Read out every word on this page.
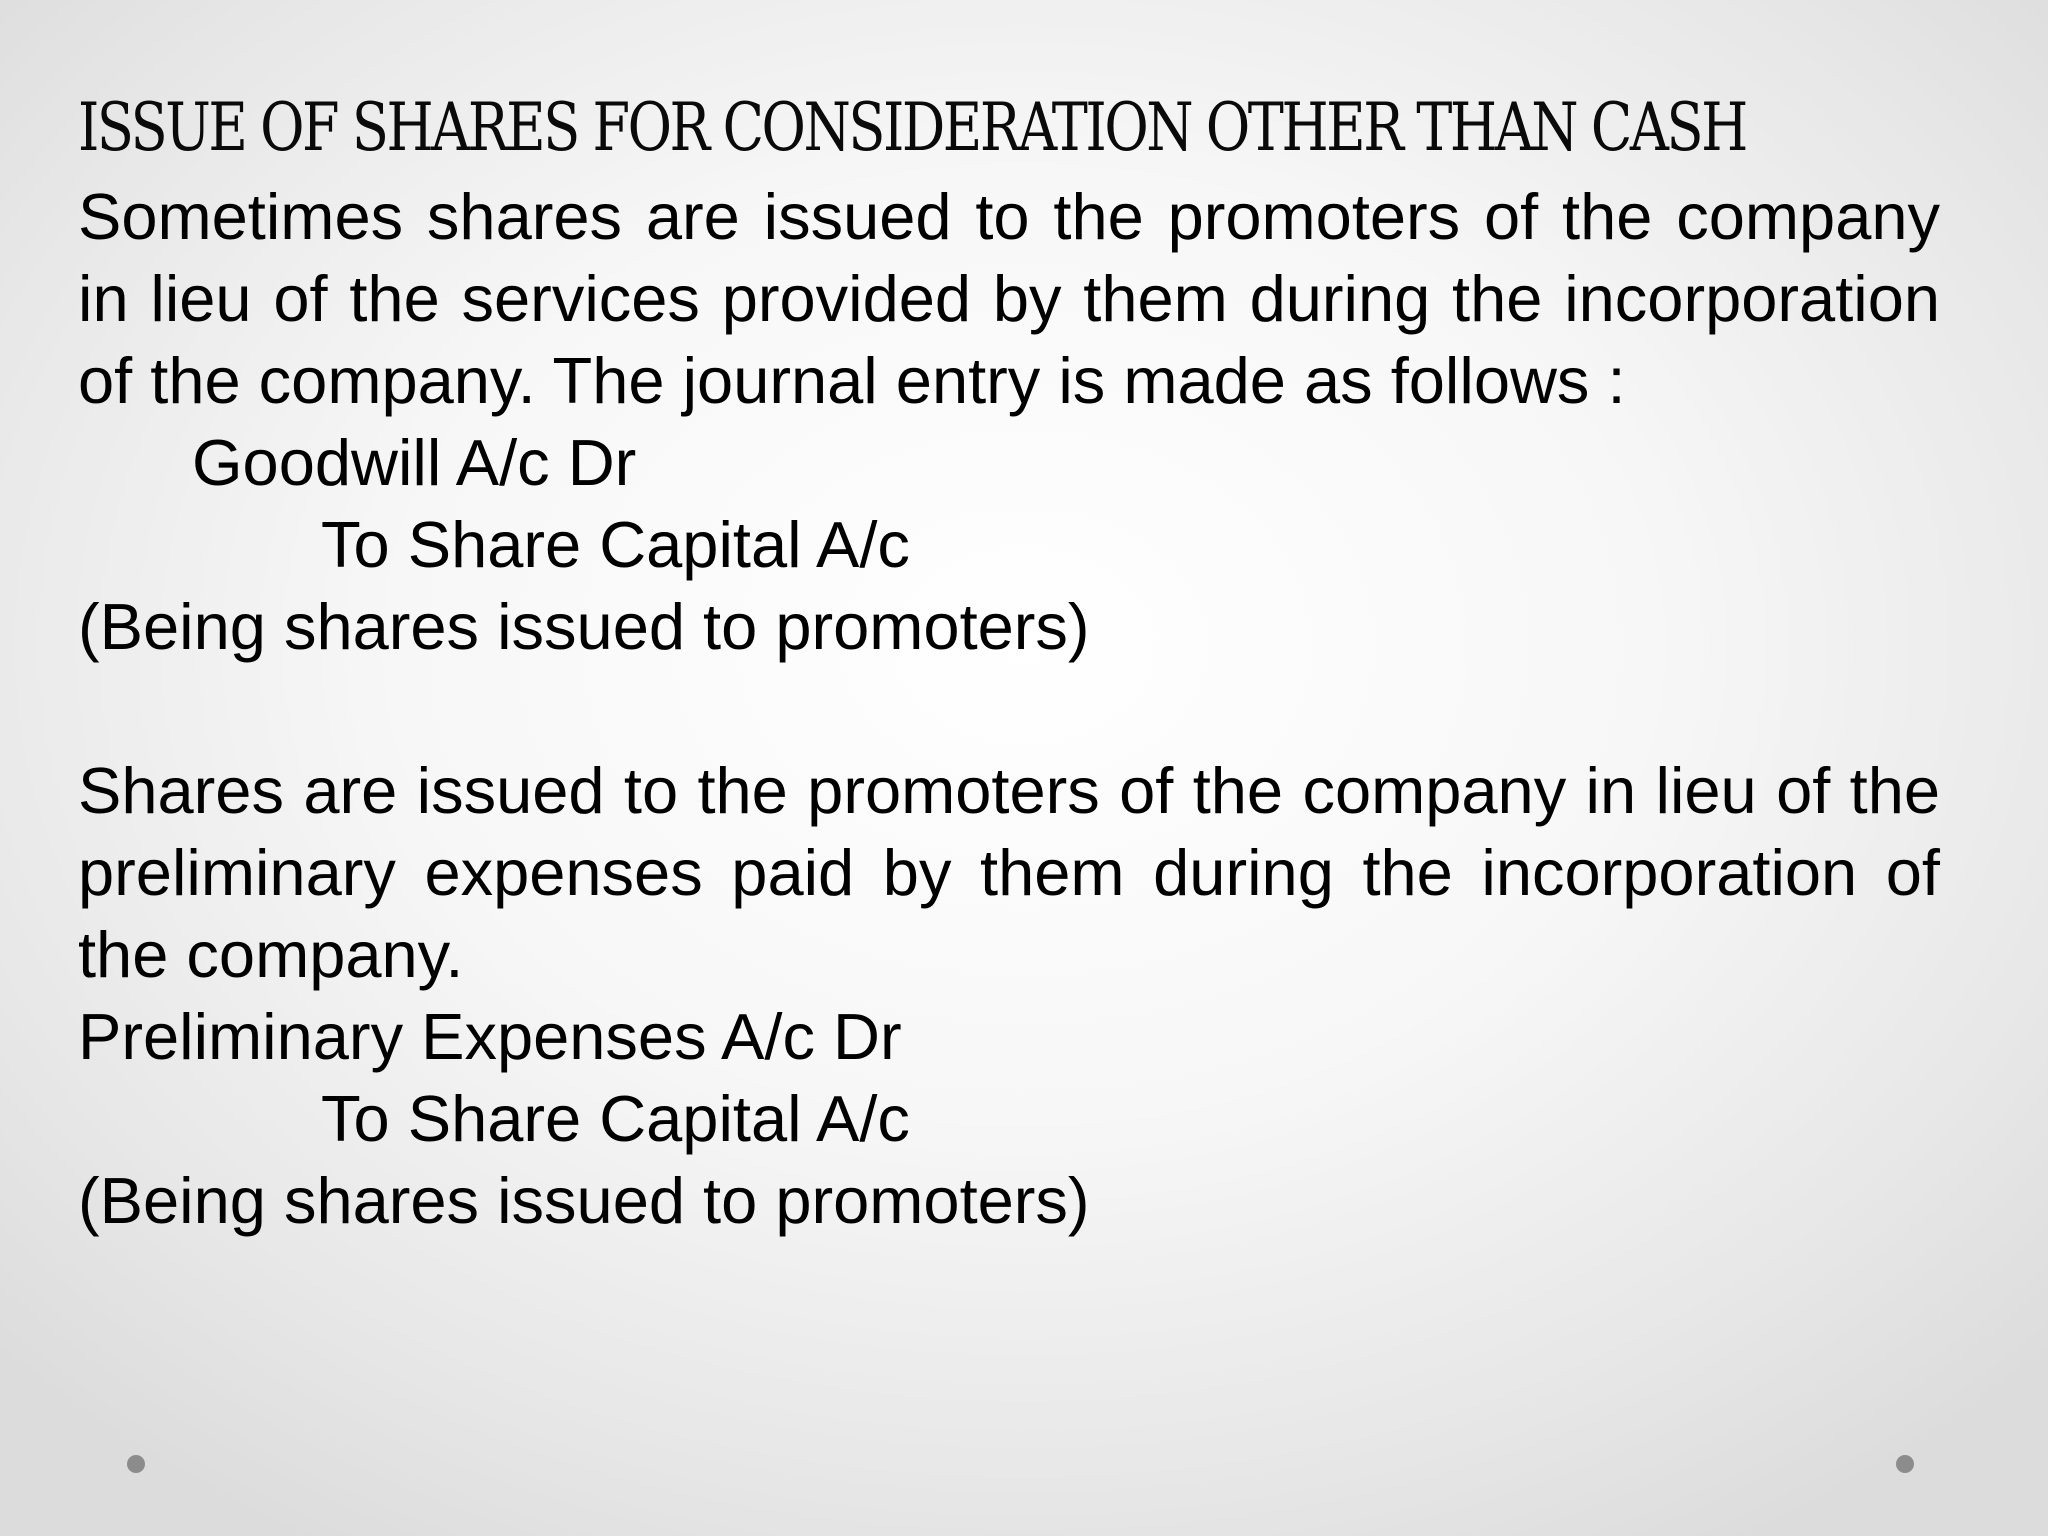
ISSUE OF SHARES FOR CONSIDERATION OTHER THAN CASH

Sometimes shares are issued to the promoters of the company in lieu of the services provided by them during the incorporation of the company. The journal entry is made as follows :

Goodwill A/c Dr

To Share Capital A/c

(Being shares issued to promoters)

Shares are issued to the promoters of the company in lieu of the preliminary expenses paid by them during the incorporation of the company.

Preliminary Expenses A/c Dr

To Share Capital A/c

(Being shares issued to promoters)
